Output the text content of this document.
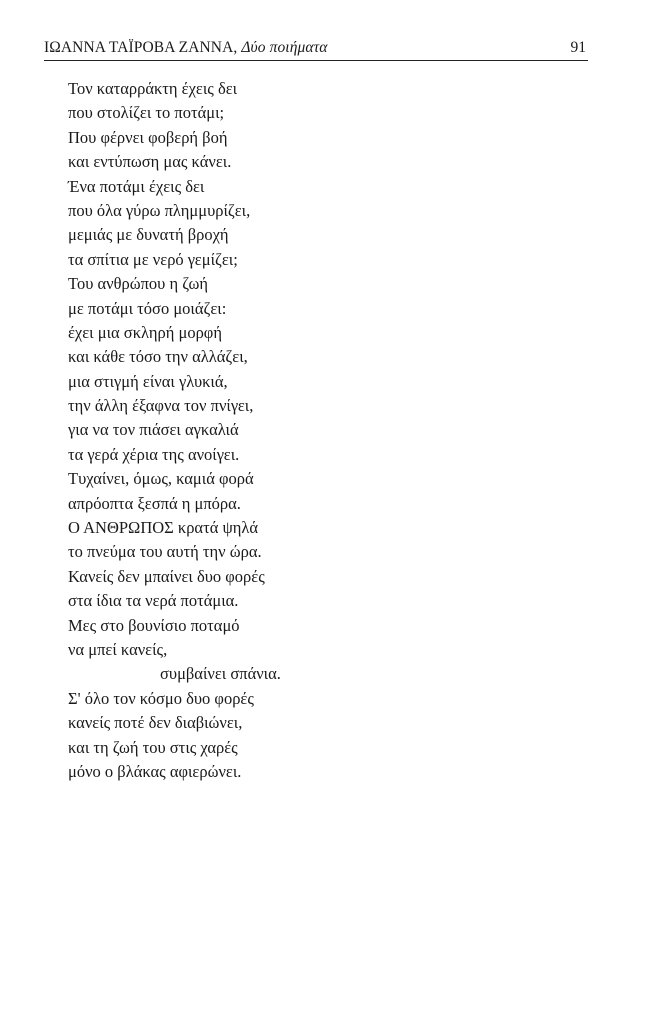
ΙΩΑΝΝΑ ΤΑΪΡΟΒΑ ΖΑΝΝΑ, Δύο ποιήματα	91
Τον καταρράκτη έχεις δει
που στολίζει το ποτάμι;
Που φέρνει φοβερή βοή
και εντύπωση μας κάνει.
Ένα ποτάμι έχεις δει
που όλα γύρω πλημμυρίζει,
μεμιάς με δυνατή βροχή
τα σπίτια με νερό γεμίζει;
Του ανθρώπου η ζωή
με ποτάμι τόσο μοιάζει:
έχει μια σκληρή μορφή
και κάθε τόσο την αλλάζει,
μια στιγμή είναι γλυκιά,
την άλλη έξαφνα τον πνίγει,
για να τον πιάσει αγκαλιά
τα γερά χέρια της ανοίγει.
Τυχαίνει, όμως, καμιά φορά
απρόοπτα ξεσπά η μπόρα.
Ο ΑΝΘΡΩΠΟΣ κρατά ψηλά
το πνεύμα του αυτή την ώρα.
Κανείς δεν μπαίνει δυο φορές
στα ίδια τα νερά ποτάμια.
Μες στο βουνίσιο ποταμό
να μπεί κανείς,
συμβαίνει σπάνια.
Σ' όλο τον κόσμο δυο φορές
κανείς ποτέ δεν διαβιώνει,
και τη ζωή του στις χαρές
μόνο ο βλάκας αφιερώνει.
